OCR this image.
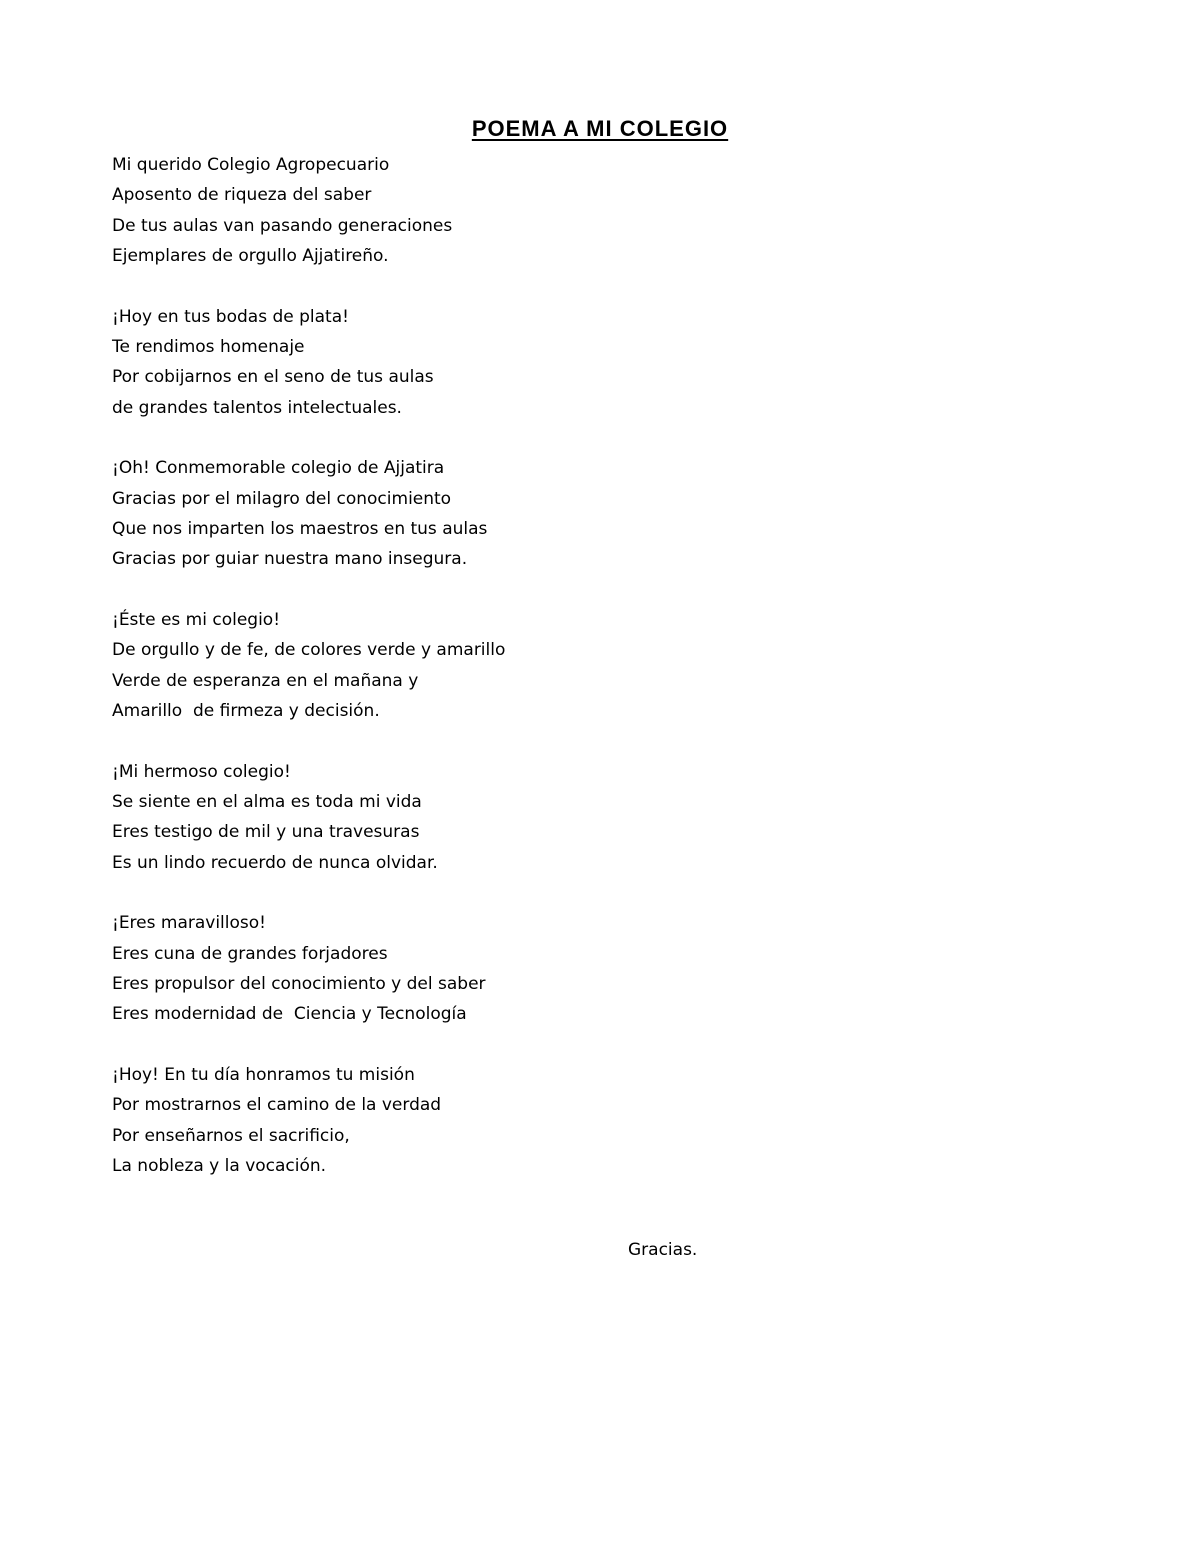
POEMA A MI COLEGIO
Mi querido Colegio Agropecuario
Aposento de riqueza del saber
De tus aulas van pasando generaciones
Ejemplares de orgullo Ajjatireño.
¡Hoy en tus bodas de plata!
Te rendimos homenaje
Por cobijarnos en el seno de tus aulas
de grandes talentos intelectuales.
¡Oh! Conmemorable colegio de Ajjatira
Gracias por el milagro del conocimiento
Que nos imparten los maestros en tus aulas
Gracias por guiar nuestra mano insegura.
¡Éste es mi colegio!
De orgullo y de fe, de colores verde y amarillo
Verde de esperanza en el mañana y
Amarillo  de firmeza y decisión.
¡Mi hermoso colegio!
Se siente en el alma es toda mi vida
Eres testigo de mil y una travesuras
Es un lindo recuerdo de nunca olvidar.
¡Eres maravilloso!
Eres cuna de grandes forjadores
Eres propulsor del conocimiento y del saber
Eres modernidad de  Ciencia y Tecnología
¡Hoy! En tu día honramos tu misión
Por mostrarnos el camino de la verdad
Por enseñarnos el sacrificio,
La nobleza y la vocación.
Gracias.
